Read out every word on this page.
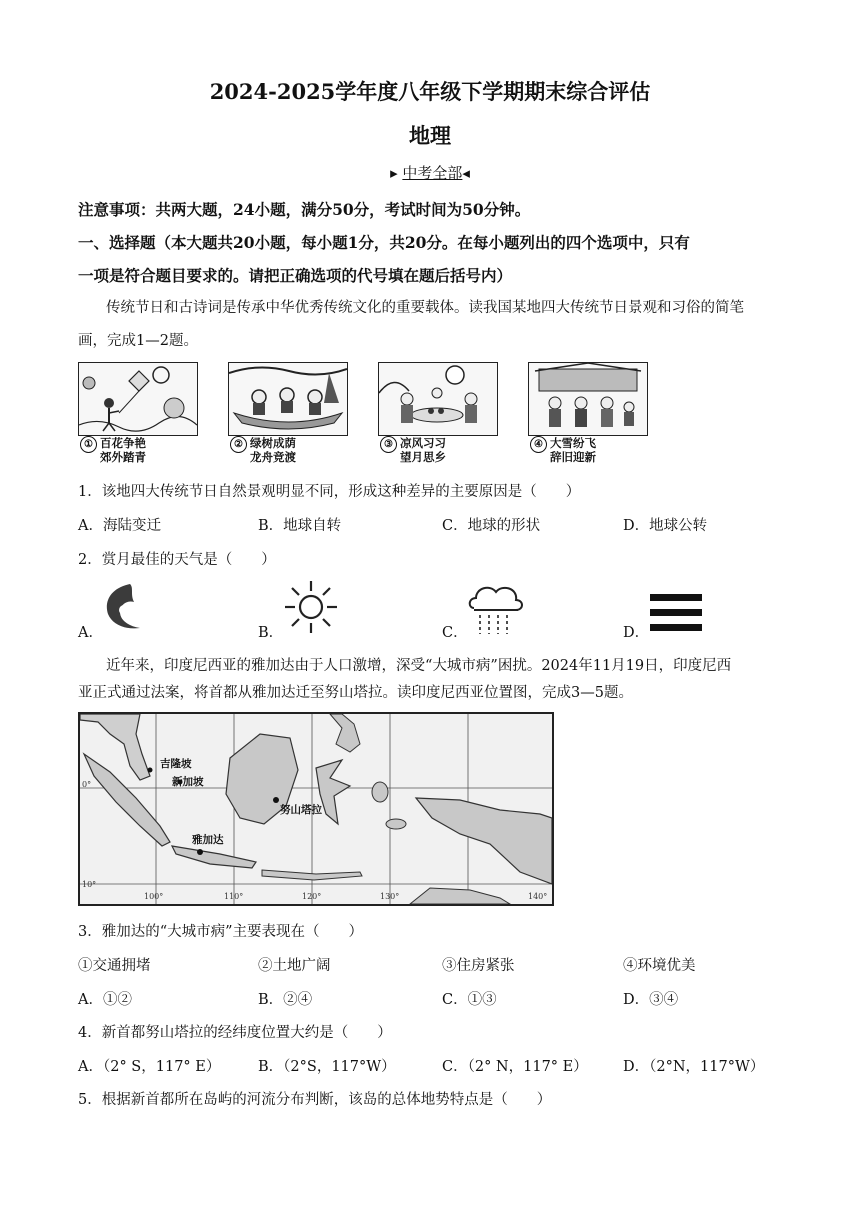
2024-2025学年度八年级下学期期末综合评估
地理
▸ 中考全部◂
注意事项：共两大题，24小题，满分50分，考试时间为50分钟。
一、选择题（本大题共20小题，每小题1分，共20分。在每小题列出的四个选项中，只有
一项是符合题目要求的。请把正确选项的代号填在题后括号内）
传统节日和古诗词是传承中华优秀传统文化的重要载体。读我国某地四大传统节日景观和习俗的简笔
画，完成1—2题。
① 百花争艳
郊外踏青
② 绿树成荫
龙舟竞渡
③ 凉风习习
望月思乡
④ 大雪纷飞
辞旧迎新
1．该地四大传统节日自然景观明显不同，形成这种差异的主要原因是（　　）
A．海陆变迁	B．地球自转	C．地球的形状	D．地球公转
2．赏月最佳的天气是（　　）
A．	B．	C．	D．
近年来，印度尼西亚的雅加达由于人口激增，深受“大城市病”困扰。2024年11月19日，印度尼西
亚正式通过法案，将首都从雅加达迁至努山塔拉。读印度尼西亚位置图，完成3—5题。
吉隆坡
新加坡
努山塔拉
雅加达
0°
10°
100°	110°	120°	130°	140°
3．雅加达的“大城市病”主要表现在（　　）
①交通拥堵	②土地广阔	③住房紧张	④环境优美
A．①②	B．②④	C．①③	D．③④
4．新首都努山塔拉的经纬度位置大约是（　　）
A．（2° S，117° E）	B．（2°S，117°W）	C．（2° N，117° E） D．（2°N，117°W）
5．根据新首都所在岛屿的河流分布判断，该岛的总体地势特点是（　　）
